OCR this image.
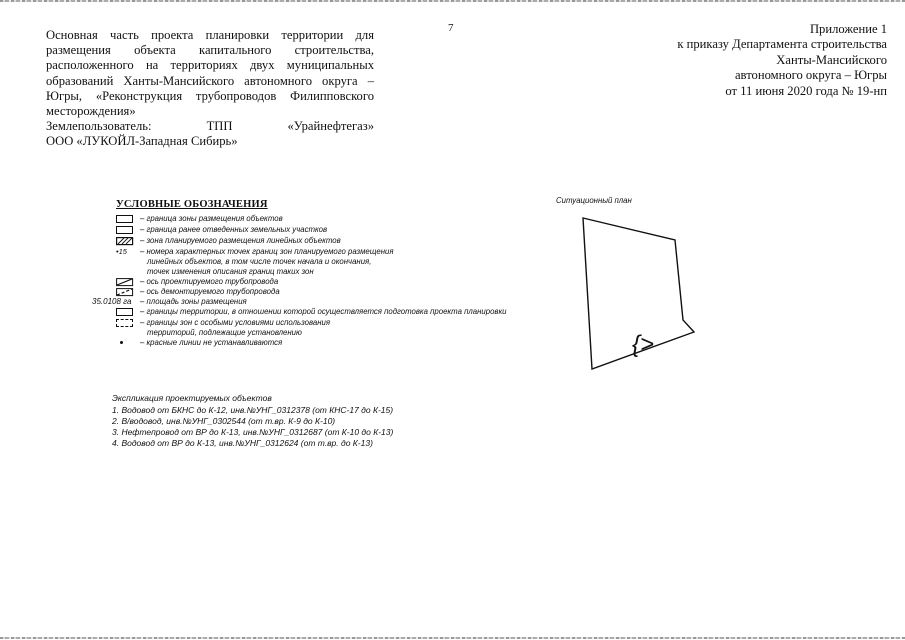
Основная часть проекта планировки территории для
размещения объекта капитального строительства,
расположенного на территориях двух муниципальных
образований Ханты-Мансийского автономного округа –
Югры, «Реконструкция трубопроводов Филипповского
месторождения»
Землепользователь:	ТПП	«Урайнефтегаз»
ООО «ЛУКОЙЛ-Западная Сибирь»
7	Приложение 1
к приказу Департамента строительства
Ханты-Мансийского
автономного округа – Югры
от 11 июня 2020 года № 19-нп
УСЛОВНЫЕ ОБОЗНАЧЕНИЯ
– граница зоны размещения объектов
– граница ранее отведенных земельных участков
– зона планируемого размещения линейных объектов
•15 – номера характерных точек границ зон планируемого размещения
линейных объектов, в том числе точек начала и окончания,
точек изменения описания границ таких зон
– ось проектируемого трубопровода
– ось демонтируемого трубопровода
35.0108 га – площадь зоны размещения
– границы территории, в отношении которой осуществляется подготовка проекта планировки
– границы зон с особыми условиями использования
территорий, подлежащие установлению
– красные линии не устанавливаются
Экспликация проектируемых объектов
1. Водовод от БКНС до К-12, инв.№УНГ_0312378 (от КНС-17 до К-15)
2. В/водовод, инв.№УНГ_0302544 (от т.вр. К-9 до К-10)
3. Нефтепровод от ВР до К-13, инв.№УНГ_0312687 (от К-10 до К-13)
4. Водовод от ВР до К-13, инв.№УНГ_0312624 (от т.вр. до К-13)
Ситуационный план
{>
